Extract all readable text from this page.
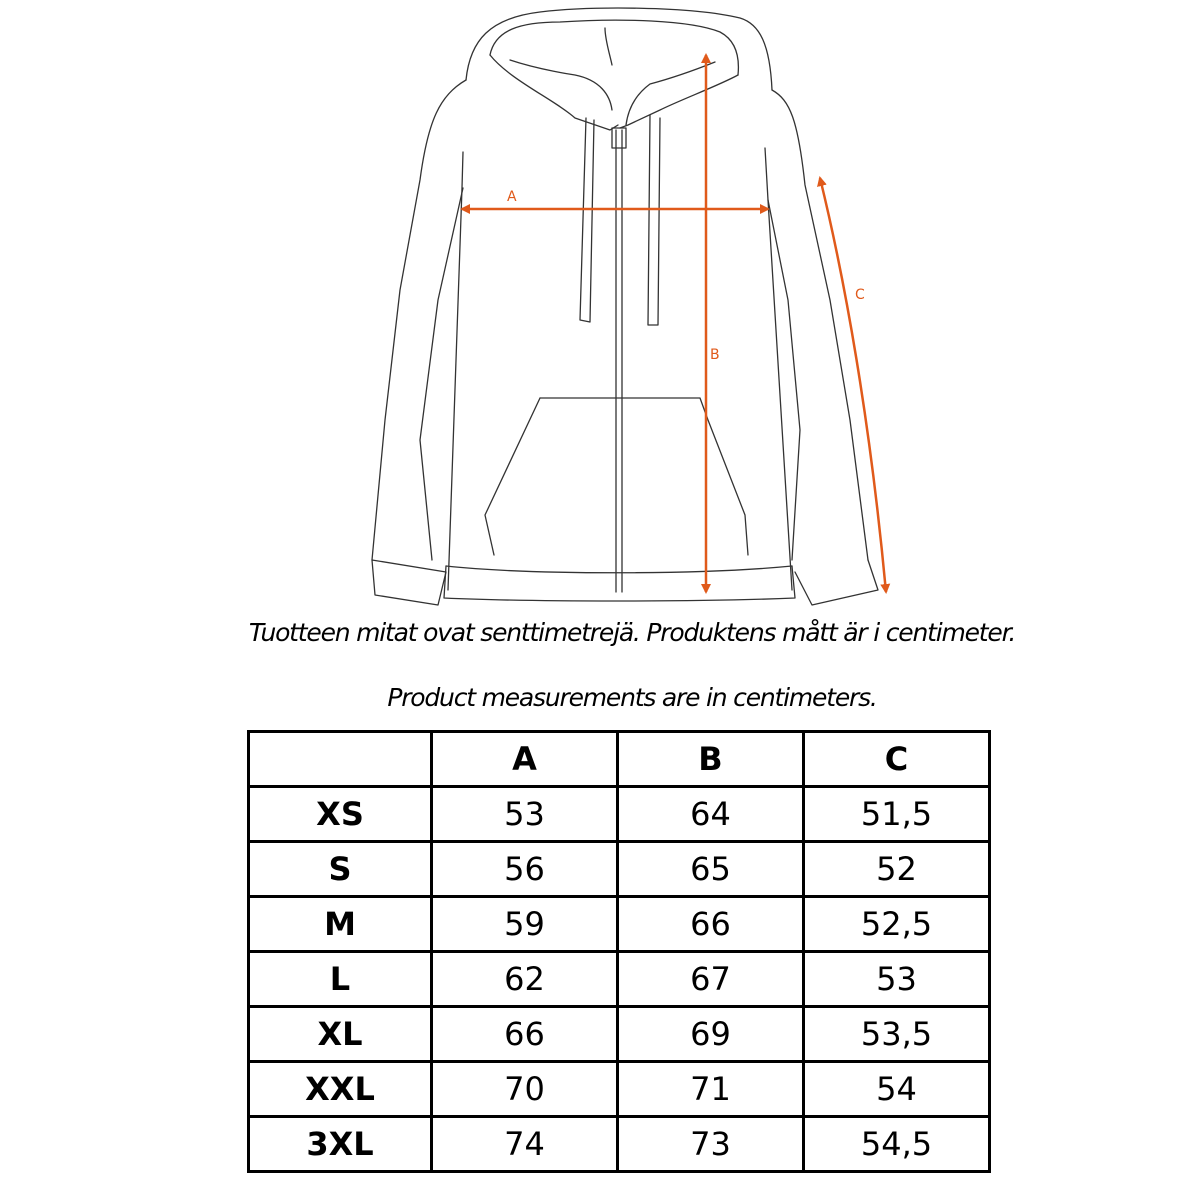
A
B
C
Tuotteen mitat ovat senttimetrejä. Produktens mått är i centimeter.
Product measurements are in centimeters.
	A	B	C
XS	53	64	51,5
S	56	65	52
M	59	66	52,5
L	62	67	53
XL	66	69	53,5
XXL	70	71	54
3XL	74	73	54,5
